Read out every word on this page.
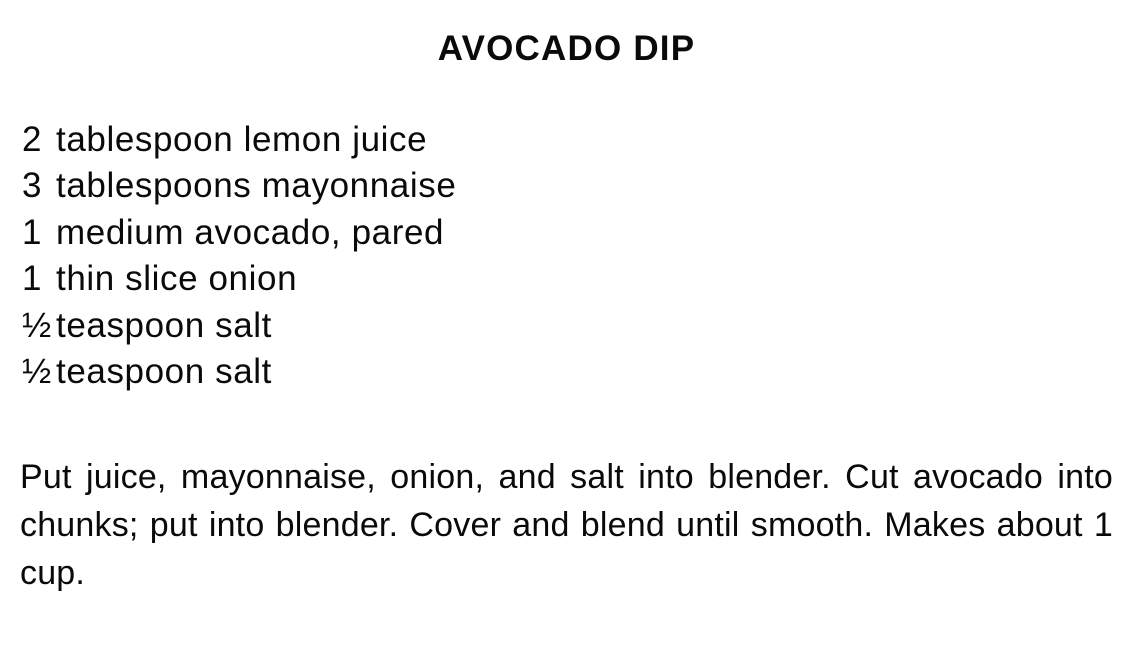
AVOCADO DIP
2 tablespoon lemon juice
3 tablespoons mayonnaise
1 medium avocado, pared
1 thin slice onion
½ teaspoon salt
½ teaspoon salt

Put juice, mayonnaise, onion, and salt into blender. Cut avocado into chunks; put into blender. Cover and blend until smooth. Makes about 1 cup.
